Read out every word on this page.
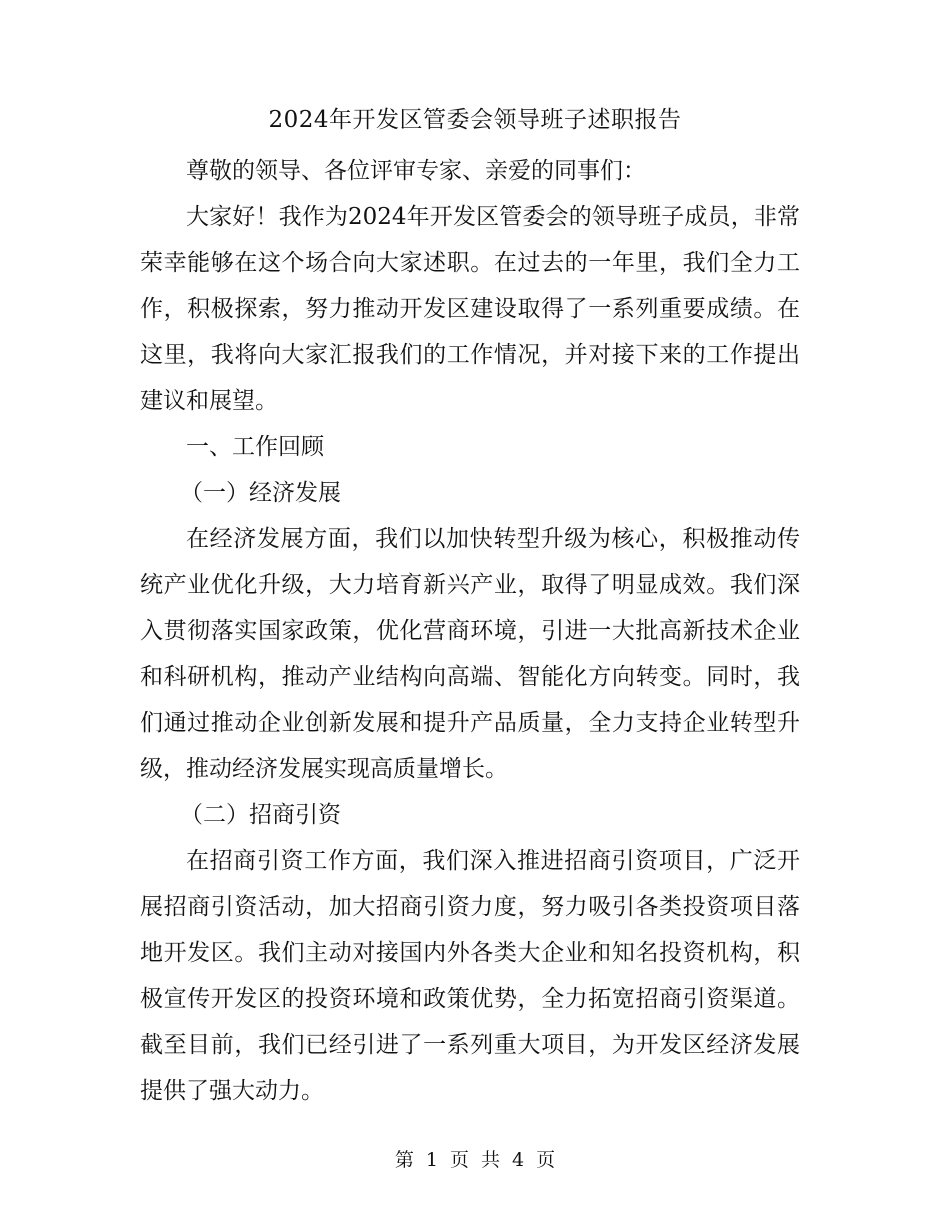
2024年开发区管委会领导班子述职报告

尊敬的领导、各位评审专家、亲爱的同事们：

大家好！我作为2024年开发区管委会的领导班子成员，非常荣幸能够在这个场合向大家述职。在过去的一年里，我们全力工作，积极探索，努力推动开发区建设取得了一系列重要成绩。在这里，我将向大家汇报我们的工作情况，并对接下来的工作提出建议和展望。

一、工作回顾

（一）经济发展

在经济发展方面，我们以加快转型升级为核心，积极推动传统产业优化升级，大力培育新兴产业，取得了明显成效。我们深入贯彻落实国家政策，优化营商环境，引进一大批高新技术企业和科研机构，推动产业结构向高端、智能化方向转变。同时，我们通过推动企业创新发展和提升产品质量，全力支持企业转型升级，推动经济发展实现高质量增长。

（二）招商引资

在招商引资工作方面，我们深入推进招商引资项目，广泛开展招商引资活动，加大招商引资力度，努力吸引各类投资项目落地开发区。我们主动对接国内外各类大企业和知名投资机构，积极宣传开发区的投资环境和政策优势，全力拓宽招商引资渠道。截至目前，我们已经引进了一系列重大项目，为开发区经济发展提供了强大动力。

第 1 页 共 4 页
